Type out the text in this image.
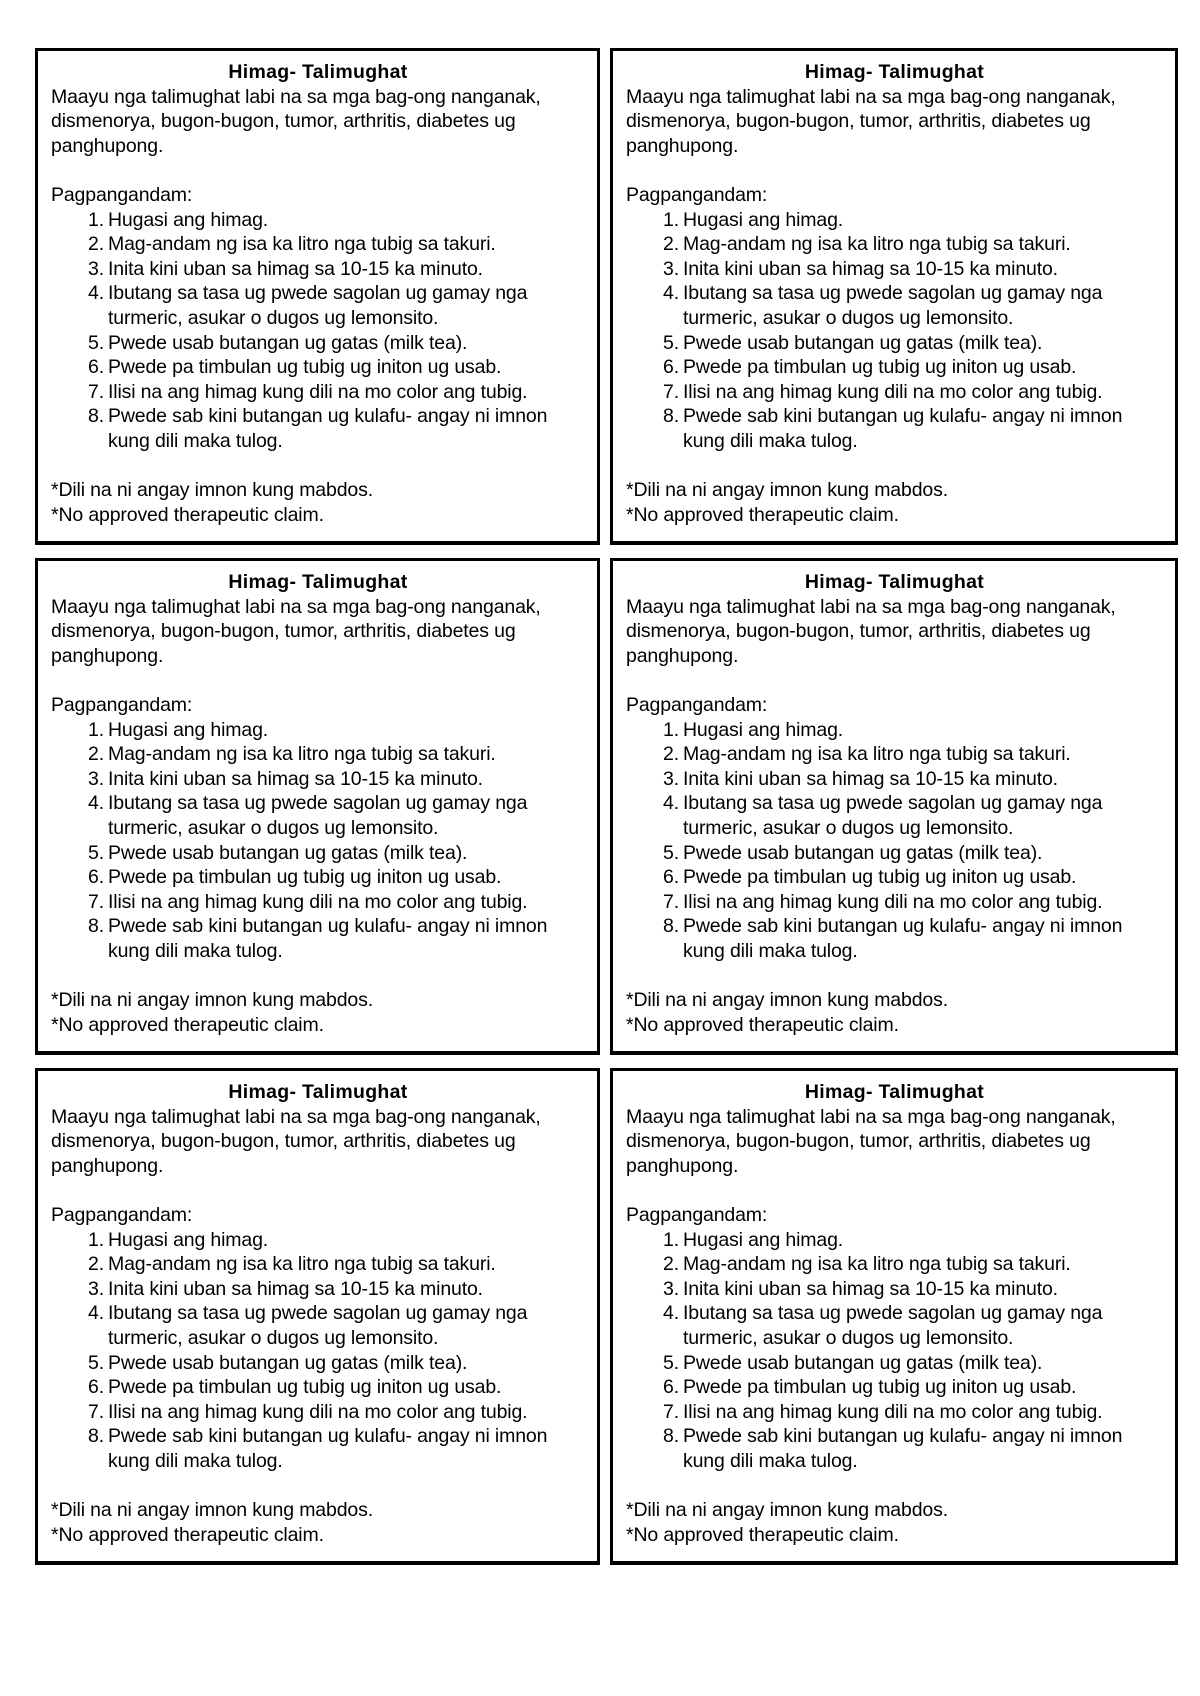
Himag- Talimughat

Maayu nga talimughat labi na sa mga bag-ong nanganak, dismenorya, bugon-bugon, tumor, arthritis, diabetes ug panghupong.

Pagpangandam:
1. Hugasi ang himag.
2. Mag-andam ng isa ka litro nga tubig sa takuri.
3. Inita kini uban sa himag sa 10-15 ka minuto.
4. Ibutang sa tasa ug pwede sagolan ug gamay nga turmeric, asukar o dugos ug lemonsito.
5. Pwede usab butangan ug gatas (milk tea).
6. Pwede pa timbulan ug tubig ug initon ug usab.
7. Ilisi na ang himag kung dili na mo color ang tubig.
8. Pwede sab kini butangan ug kulafu- angay ni imnon kung dili maka tulog.
*Dili na ni angay imnon kung mabdos.
*No approved therapeutic claim.
Himag- Talimughat

Maayu nga talimughat labi na sa mga bag-ong nanganak, dismenorya, bugon-bugon, tumor, arthritis, diabetes ug panghupong.

Pagpangandam:
1. Hugasi ang himag.
2. Mag-andam ng isa ka litro nga tubig sa takuri.
3. Inita kini uban sa himag sa 10-15 ka minuto.
4. Ibutang sa tasa ug pwede sagolan ug gamay nga turmeric, asukar o dugos ug lemonsito.
5. Pwede usab butangan ug gatas (milk tea).
6. Pwede pa timbulan ug tubig ug initon ug usab.
7. Ilisi na ang himag kung dili na mo color ang tubig.
8. Pwede sab kini butangan ug kulafu- angay ni imnon kung dili maka tulog.
*Dili na ni angay imnon kung mabdos.
*No approved therapeutic claim.
Himag- Talimughat

Maayu nga talimughat labi na sa mga bag-ong nanganak, dismenorya, bugon-bugon, tumor, arthritis, diabetes ug panghupong.

Pagpangandam:
1. Hugasi ang himag.
2. Mag-andam ng isa ka litro nga tubig sa takuri.
3. Inita kini uban sa himag sa 10-15 ka minuto.
4. Ibutang sa tasa ug pwede sagolan ug gamay nga turmeric, asukar o dugos ug lemonsito.
5. Pwede usab butangan ug gatas (milk tea).
6. Pwede pa timbulan ug tubig ug initon ug usab.
7. Ilisi na ang himag kung dili na mo color ang tubig.
8. Pwede sab kini butangan ug kulafu- angay ni imnon kung dili maka tulog.
*Dili na ni angay imnon kung mabdos.
*No approved therapeutic claim.
Himag- Talimughat

Maayu nga talimughat labi na sa mga bag-ong nanganak, dismenorya, bugon-bugon, tumor, arthritis, diabetes ug panghupong.

Pagpangandam:
1. Hugasi ang himag.
2. Mag-andam ng isa ka litro nga tubig sa takuri.
3. Inita kini uban sa himag sa 10-15 ka minuto.
4. Ibutang sa tasa ug pwede sagolan ug gamay nga turmeric, asukar o dugos ug lemonsito.
5. Pwede usab butangan ug gatas (milk tea).
6. Pwede pa timbulan ug tubig ug initon ug usab.
7. Ilisi na ang himag kung dili na mo color ang tubig.
8. Pwede sab kini butangan ug kulafu- angay ni imnon kung dili maka tulog.
*Dili na ni angay imnon kung mabdos.
*No approved therapeutic claim.
Himag- Talimughat

Maayu nga talimughat labi na sa mga bag-ong nanganak, dismenorya, bugon-bugon, tumor, arthritis, diabetes ug panghupong.

Pagpangandam:
1. Hugasi ang himag.
2. Mag-andam ng isa ka litro nga tubig sa takuri.
3. Inita kini uban sa himag sa 10-15 ka minuto.
4. Ibutang sa tasa ug pwede sagolan ug gamay nga turmeric, asukar o dugos ug lemonsito.
5. Pwede usab butangan ug gatas (milk tea).
6. Pwede pa timbulan ug tubig ug initon ug usab.
7. Ilisi na ang himag kung dili na mo color ang tubig.
8. Pwede sab kini butangan ug kulafu- angay ni imnon kung dili maka tulog.
*Dili na ni angay imnon kung mabdos.
*No approved therapeutic claim.
Himag- Talimughat

Maayu nga talimughat labi na sa mga bag-ong nanganak, dismenorya, bugon-bugon, tumor, arthritis, diabetes ug panghupong.

Pagpangandam:
1. Hugasi ang himag.
2. Mag-andam ng isa ka litro nga tubig sa takuri.
3. Inita kini uban sa himag sa 10-15 ka minuto.
4. Ibutang sa tasa ug pwede sagolan ug gamay nga turmeric, asukar o dugos ug lemonsito.
5. Pwede usab butangan ug gatas (milk tea).
6. Pwede pa timbulan ug tubig ug initon ug usab.
7. Ilisi na ang himag kung dili na mo color ang tubig.
8. Pwede sab kini butangan ug kulafu- angay ni imnon kung dili maka tulog.
*Dili na ni angay imnon kung mabdos.
*No approved therapeutic claim.
